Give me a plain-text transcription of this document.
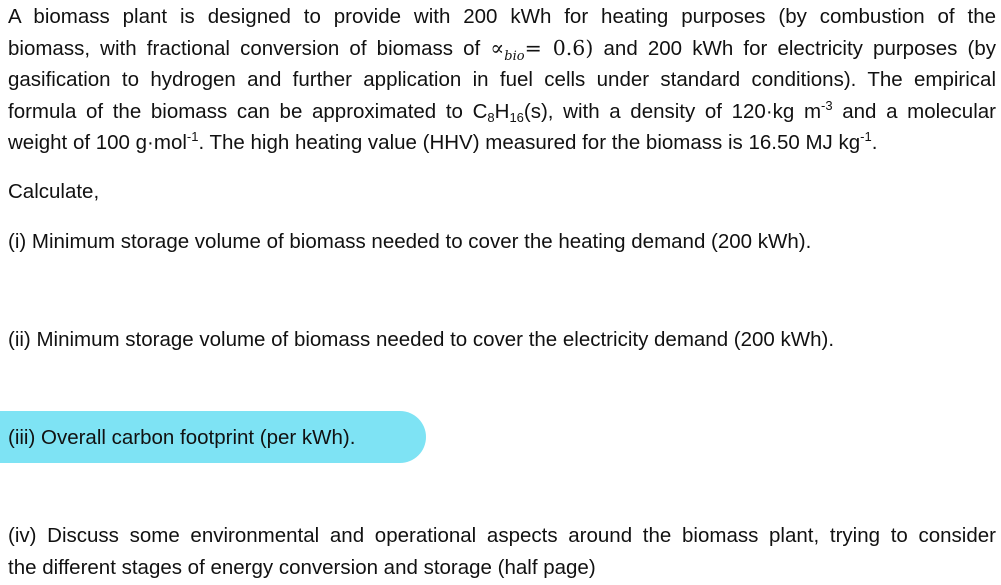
A biomass plant is designed to provide with 200 kWh for heating purposes (by combustion of the
biomass, with fractional conversion of biomass of $\propto_{bio}= 0.6$) and 200 kWh for electricity purposes (by
gasification to hydrogen and further application in fuel cells under standard conditions). The empirical
formula of the biomass can be approximated to C8H16(s), with a density of 120·kg $m^{-3}$ and a molecular
weight of 100 g·mol$^{-1}$. The high heating value (HHV) measured for the biomass is 16.50 MJ $kg^{-1}$.

Calculate,

(i) Minimum storage volume of biomass needed to cover the heating demand (200 kWh).

(ii) Minimum storage volume of biomass needed to cover the electricity demand (200 kWh).

(iii) Overall carbon footprint (per kWh).

(iv) Discuss some environmental and operational aspects around the biomass plant, trying to consider
the different stages of energy conversion and storage (half page)
